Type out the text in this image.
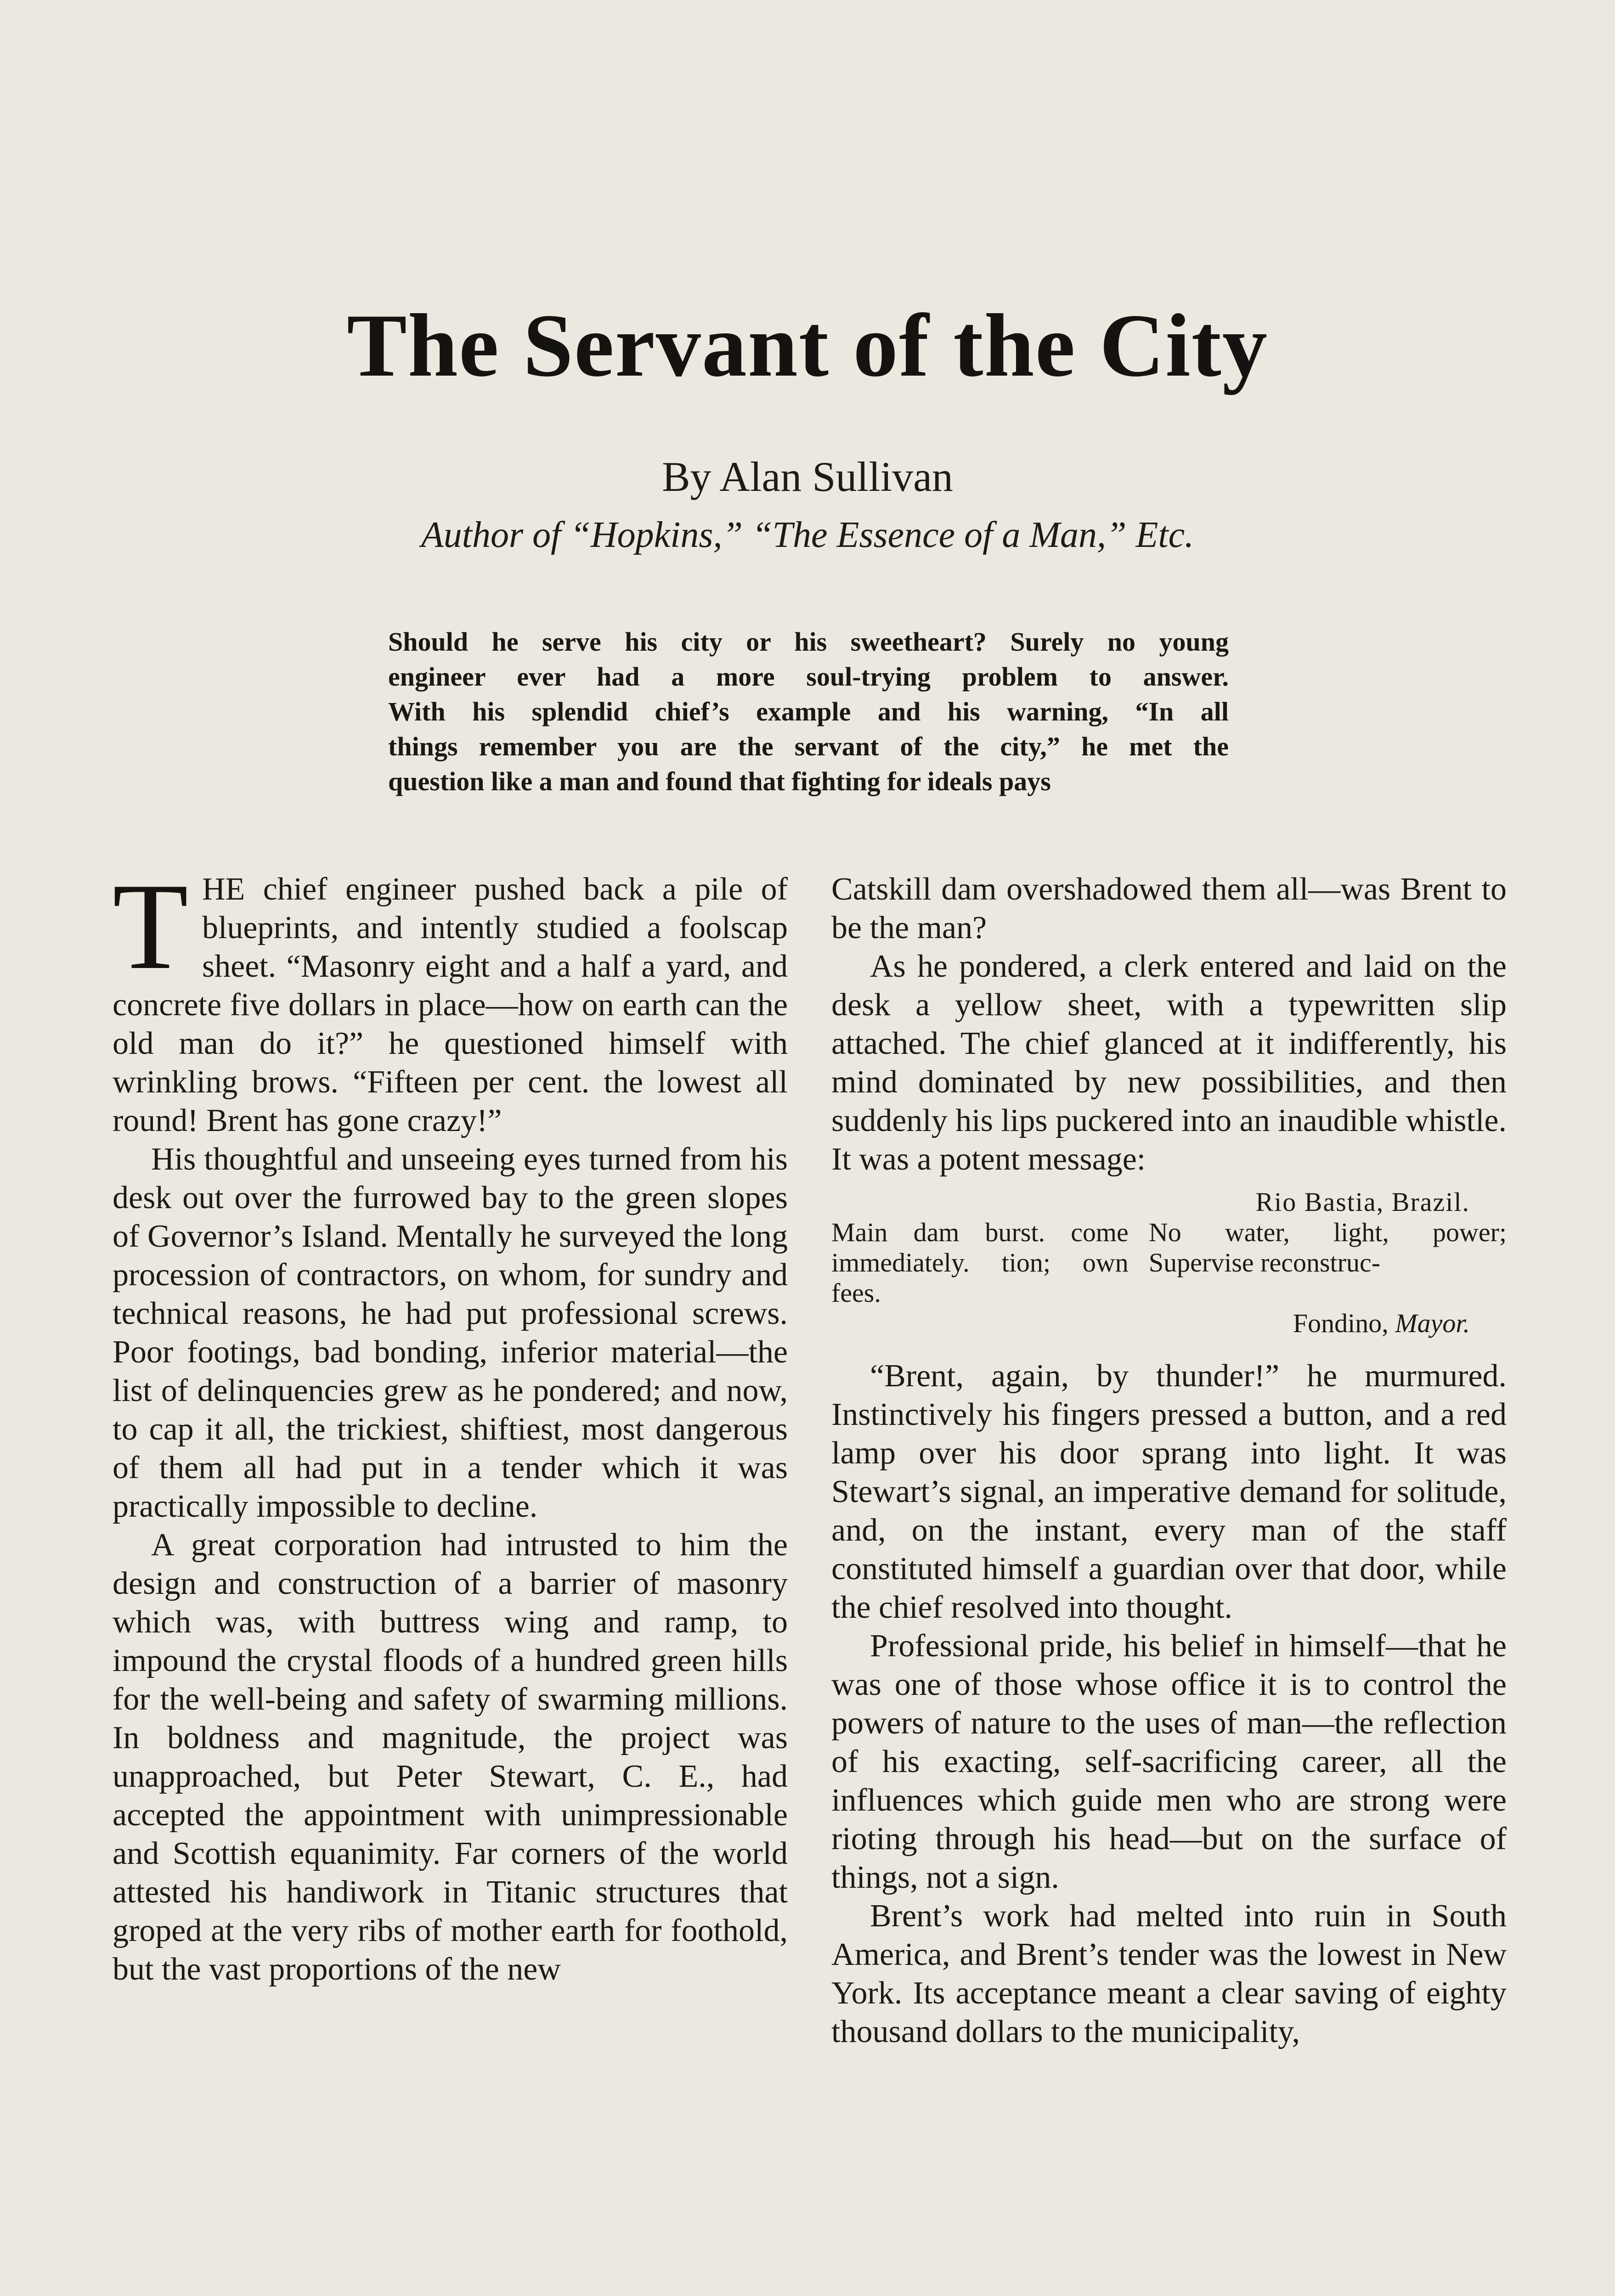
The Servant of the City
By Alan Sullivan
Author of “Hopkins,” “The Essence of a Man,” Etc.
Should he serve his city or his sweetheart? Surely no young
engineer ever had a more soul-trying problem to answer.
With his splendid chief’s example and his warning, “In all
things remember you are the servant of the city,” he met the
question like a man and found that fighting for ideals pays

THE chief engineer pushed back a pile of blueprints, and intently studied a foolscap sheet. “Masonry eight and a half a yard, and concrete five dollars in place—how on earth can the old man do it?” he questioned himself with wrinkling brows. “Fifteen per cent. the lowest all round! Brent has gone crazy!”

His thoughtful and unseeing eyes turned from his desk out over the furrowed bay to the green slopes of Governor’s Island. Mentally he surveyed the long procession of contractors, on whom, for sundry and technical reasons, he had put professional screws. Poor footings, bad bonding, inferior material—the list of delinquencies grew as he pondered; and now, to cap it all, the trickiest, shiftiest, most dangerous of them all had put in a tender which it was practically impossible to decline.

A great corporation had intrusted to him the design and construction of a barrier of masonry which was, with buttress wing and ramp, to impound the crystal floods of a hundred green hills for the well-being and safety of swarming millions. In boldness and magnitude, the project was unapproached, but Peter Stewart, C. E., had accepted the appointment with unimpressionable and Scottish equanimity. Far corners of the world attested his handiwork in Titanic structures that groped at the very ribs of mother earth for foothold, but the vast proportions of the new

Catskill dam overshadowed them all—was Brent to be the man?

As he pondered, a clerk entered and laid on the desk a yellow sheet, with a typewritten slip attached. The chief glanced at it indifferently, his mind dominated by new possibilities, and then suddenly his lips puckered into an inaudible whistle. It was a potent message:

Rio Bastia, Brazil.
Main dam burst. come immediately. tion; own fees.
No water, light, power; Supervise reconstruc-
Fondino, Mayor.

“Brent, again, by thunder!” he murmured. Instinctively his fingers pressed a button, and a red lamp over his door sprang into light. It was Stewart’s signal, an imperative demand for solitude, and, on the instant, every man of the staff constituted himself a guardian over that door, while the chief resolved into thought.

Professional pride, his belief in himself—that he was one of those whose office it is to control the powers of nature to the uses of man—the reflection of his exacting, self-sacrificing career, all the influences which guide men who are strong were rioting through his head—but on the surface of things, not a sign.

Brent’s work had melted into ruin in South America, and Brent’s tender was the lowest in New York. Its acceptance meant a clear saving of eighty thousand dollars to the municipality,
